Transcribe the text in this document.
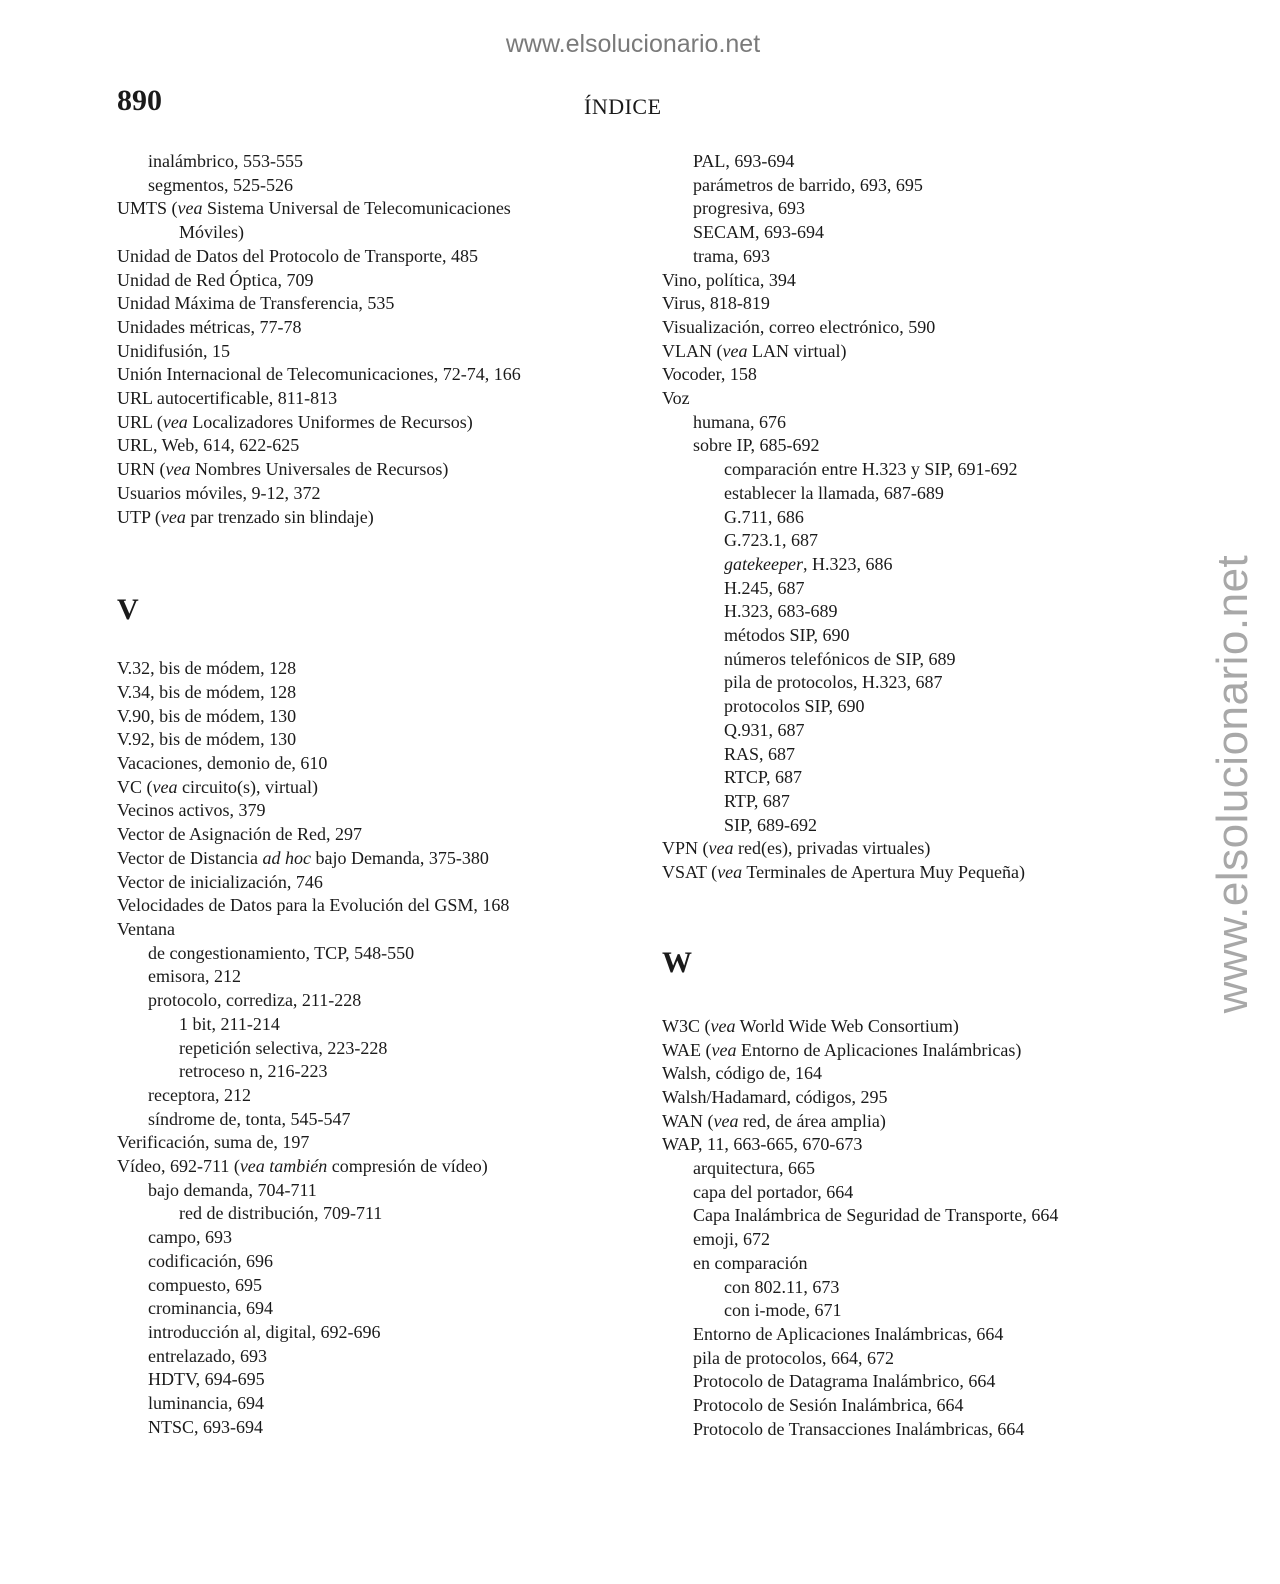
www.elsolucionario.net
www.elsolucionario.net
890	ÍNDICE
inalámbrico, 553-555
segmentos, 525-526
UMTS (vea Sistema Universal de Telecomunicaciones
Móviles)
Unidad de Datos del Protocolo de Transporte, 485
Unidad de Red Óptica, 709
Unidad Máxima de Transferencia, 535
Unidades métricas, 77-78
Unidifusión, 15
Unión Internacional de Telecomunicaciones, 72-74, 166
URL autocertificable, 811-813
URL (vea Localizadores Uniformes de Recursos)
URL, Web, 614, 622-625
URN (vea Nombres Universales de Recursos)
Usuarios móviles, 9-12, 372
UTP (vea par trenzado sin blindaje)
V
V.32, bis de módem, 128
V.34, bis de módem, 128
V.90, bis de módem, 130
V.92, bis de módem, 130
Vacaciones, demonio de, 610
VC (vea circuito(s), virtual)
Vecinos activos, 379
Vector de Asignación de Red, 297
Vector de Distancia ad hoc bajo Demanda, 375-380
Vector de inicialización, 746
Velocidades de Datos para la Evolución del GSM, 168
Ventana
de congestionamiento, TCP, 548-550
emisora, 212
protocolo, corrediza, 211-228
1 bit, 211-214
repetición selectiva, 223-228
retroceso n, 216-223
receptora, 212
síndrome de, tonta, 545-547
Verificación, suma de, 197
Vídeo, 692-711 (vea también compresión de vídeo)
bajo demanda, 704-711
red de distribución, 709-711
campo, 693
codificación, 696
compuesto, 695
crominancia, 694
introducción al, digital, 692-696
entrelazado, 693
HDTV, 694-695
luminancia, 694
NTSC, 693-694
PAL, 693-694
parámetros de barrido, 693, 695
progresiva, 693
SECAM, 693-694
trama, 693
Vino, política, 394
Virus, 818-819
Visualización, correo electrónico, 590
VLAN (vea LAN virtual)
Vocoder, 158
Voz
humana, 676
sobre IP, 685-692
comparación entre H.323 y SIP, 691-692
establecer la llamada, 687-689
G.711, 686
G.723.1, 687
gatekeeper, H.323, 686
H.245, 687
H.323, 683-689
métodos SIP, 690
números telefónicos de SIP, 689
pila de protocolos, H.323, 687
protocolos SIP, 690
Q.931, 687
RAS, 687
RTCP, 687
RTP, 687
SIP, 689-692
VPN (vea red(es), privadas virtuales)
VSAT (vea Terminales de Apertura Muy Pequeña)
W
W3C (vea World Wide Web Consortium)
WAE (vea Entorno de Aplicaciones Inalámbricas)
Walsh, código de, 164
Walsh/Hadamard, códigos, 295
WAN (vea red, de área amplia)
WAP, 11, 663-665, 670-673
arquitectura, 665
capa del portador, 664
Capa Inalámbrica de Seguridad de Transporte, 664
emoji, 672
en comparación
con 802.11, 673
con i-mode, 671
Entorno de Aplicaciones Inalámbricas, 664
pila de protocolos, 664, 672
Protocolo de Datagrama Inalámbrico, 664
Protocolo de Sesión Inalámbrica, 664
Protocolo de Transacciones Inalámbricas, 664
